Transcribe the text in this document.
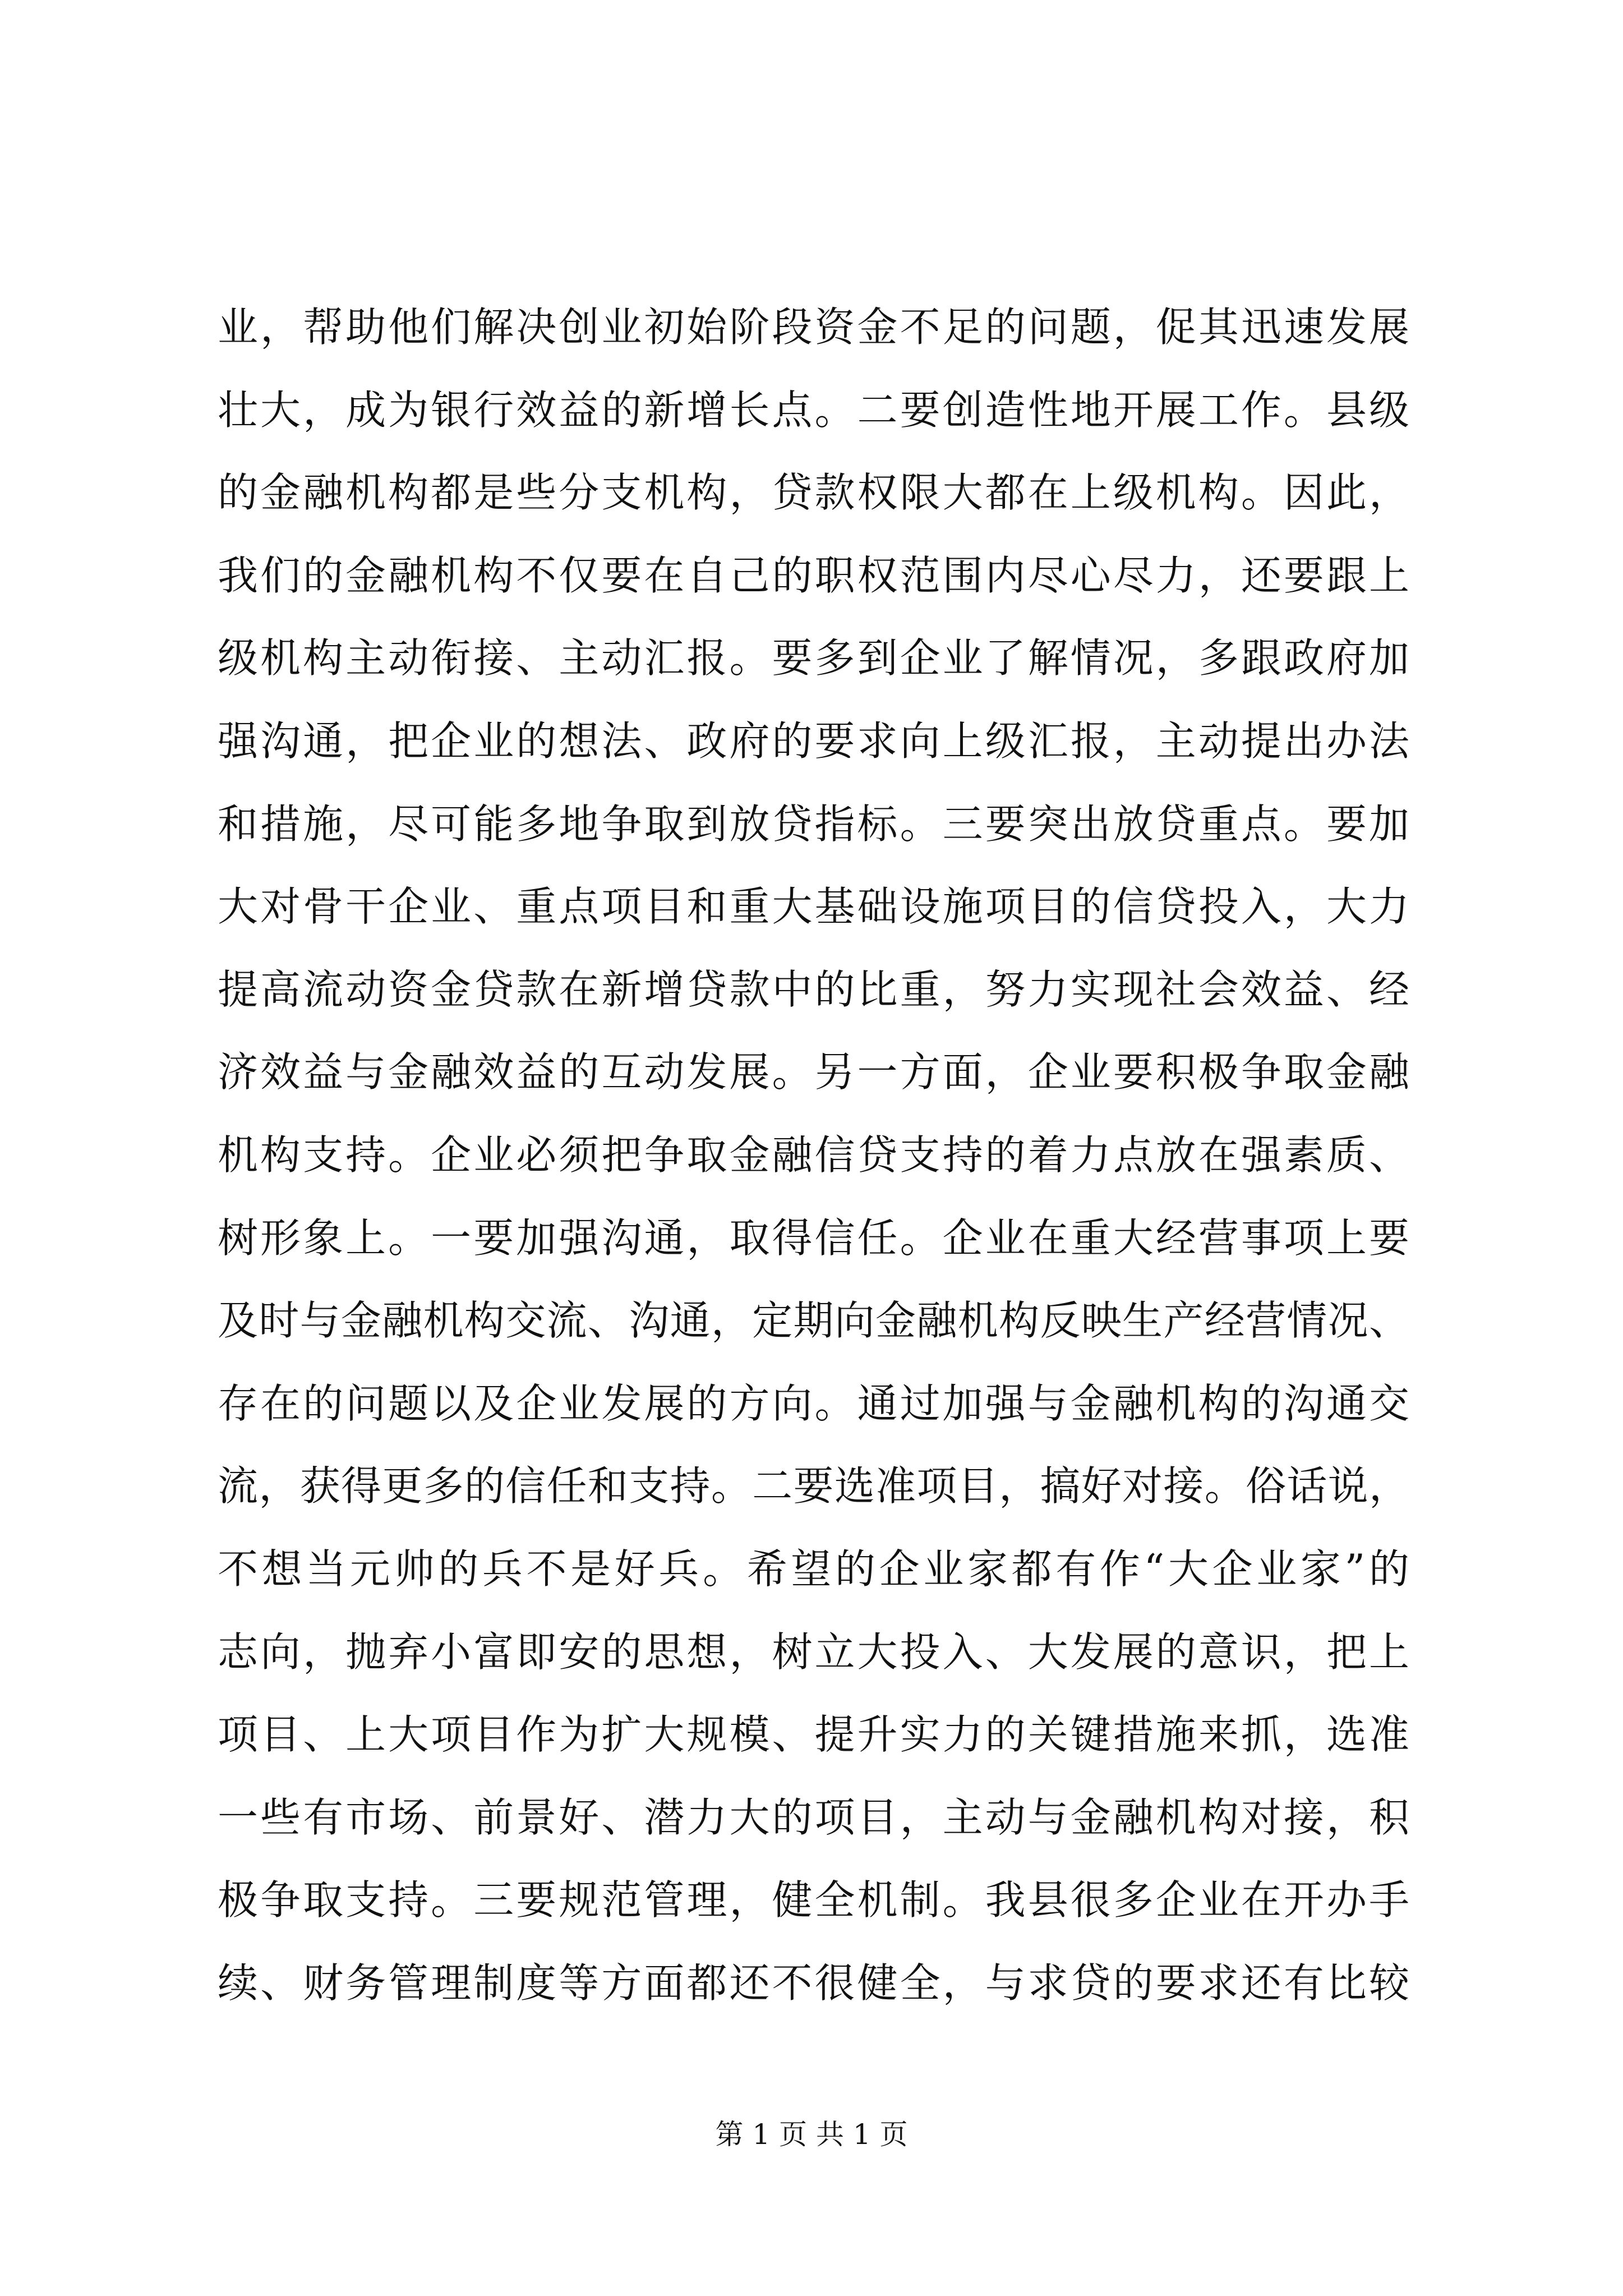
业，帮助他们解决创业初始阶段资金不足的问题，促其迅速发展
壮大，成为银行效益的新增长点。二要创造性地开展工作。县级
的金融机构都是些分支机构，贷款权限大都在上级机构。因此，
我们的金融机构不仅要在自己的职权范围内尽心尽力，还要跟上
级机构主动衔接、主动汇报。要多到企业了解情况，多跟政府加
强沟通，把企业的想法、政府的要求向上级汇报，主动提出办法
和措施，尽可能多地争取到放贷指标。三要突出放贷重点。要加
大对骨干企业、重点项目和重大基础设施项目的信贷投入，大力
提高流动资金贷款在新增贷款中的比重，努力实现社会效益、经
济效益与金融效益的互动发展。另一方面，企业要积极争取金融
机构支持。企业必须把争取金融信贷支持的着力点放在强素质、
树形象上。一要加强沟通，取得信任。企业在重大经营事项上要
及时与金融机构交流、沟通，定期向金融机构反映生产经营情况、
存在的问题以及企业发展的方向。通过加强与金融机构的沟通交
流，获得更多的信任和支持。二要选准项目，搞好对接。俗话说，
不想当元帅的兵不是好兵。希望的企业家都有作“大企业家”的
志向，抛弃小富即安的思想，树立大投入、大发展的意识，把上
项目、上大项目作为扩大规模、提升实力的关键措施来抓，选准
一些有市场、前景好、潜力大的项目，主动与金融机构对接，积
极争取支持。三要规范管理，健全机制。我县很多企业在开办手
续、财务管理制度等方面都还不很健全，与求贷的要求还有比较
第 1 页 共 1 页
